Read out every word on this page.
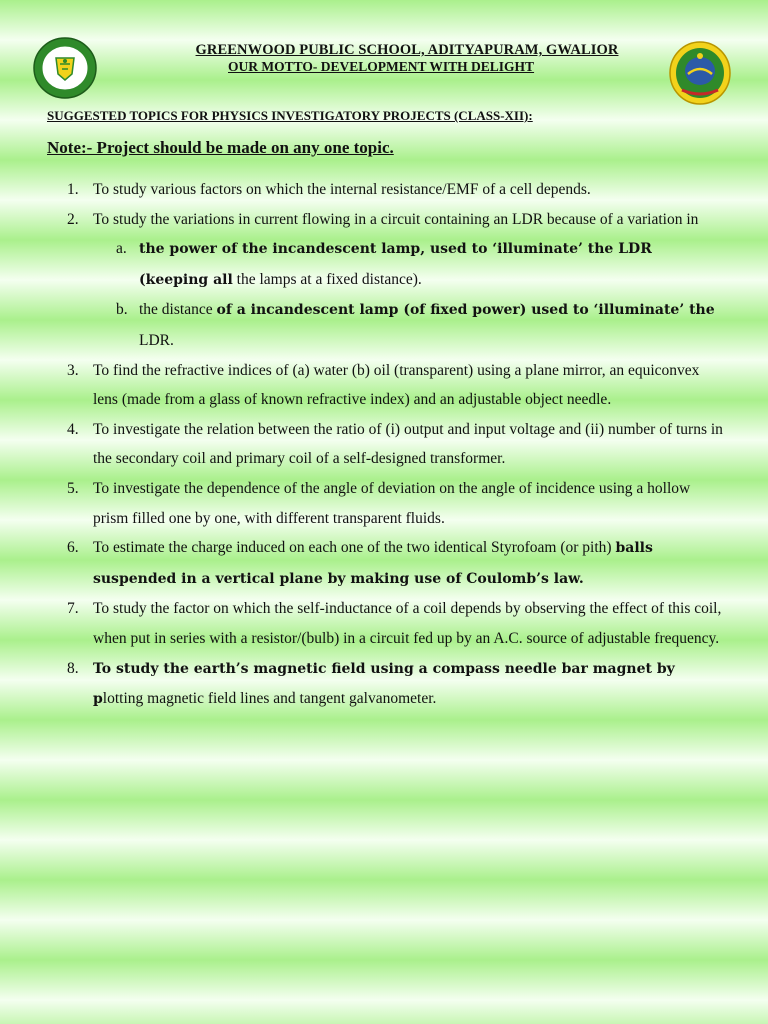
GREENWOOD PUBLIC SCHOOL, ADITYAPURAM, GWALIOR
OUR MOTTO- DEVELOPMENT WITH DELIGHT
SUGGESTED TOPICS FOR PHYSICS INVESTIGATORY PROJECTS (CLASS-XII):
Note:- Project should be made on any one topic.
1. To study various factors on which the internal resistance/EMF of a cell depends.
2. To study the variations in current flowing in a circuit containing an LDR because of a variation in
a. the power of the incandescent lamp, used to ‘illuminate’ the LDR (keeping all the lamps at a fixed distance).
b. the distance of a incandescent lamp (of fixed power) used to ‘illuminate’ the LDR.
3. To find the refractive indices of (a) water (b) oil (transparent) using a plane mirror, an equiconvex lens (made from a glass of known refractive index) and an adjustable object needle.
4. To investigate the relation between the ratio of (i) output and input voltage and (ii) number of turns in the secondary coil and primary coil of a self-designed transformer.
5. To investigate the dependence of the angle of deviation on the angle of incidence using a hollow prism filled one by one, with different transparent fluids.
6. To estimate the charge induced on each one of the two identical Styrofoam (or pith) balls suspended in a vertical plane by making use of Coulomb’s law.
7. To study the factor on which the self-inductance of a coil depends by observing the effect of this coil, when put in series with a resistor/(bulb) in a circuit fed up by an A.C. source of adjustable frequency.
8. To study the earth’s magnetic field using a compass needle bar magnet by plotting magnetic field lines and tangent galvanometer.
